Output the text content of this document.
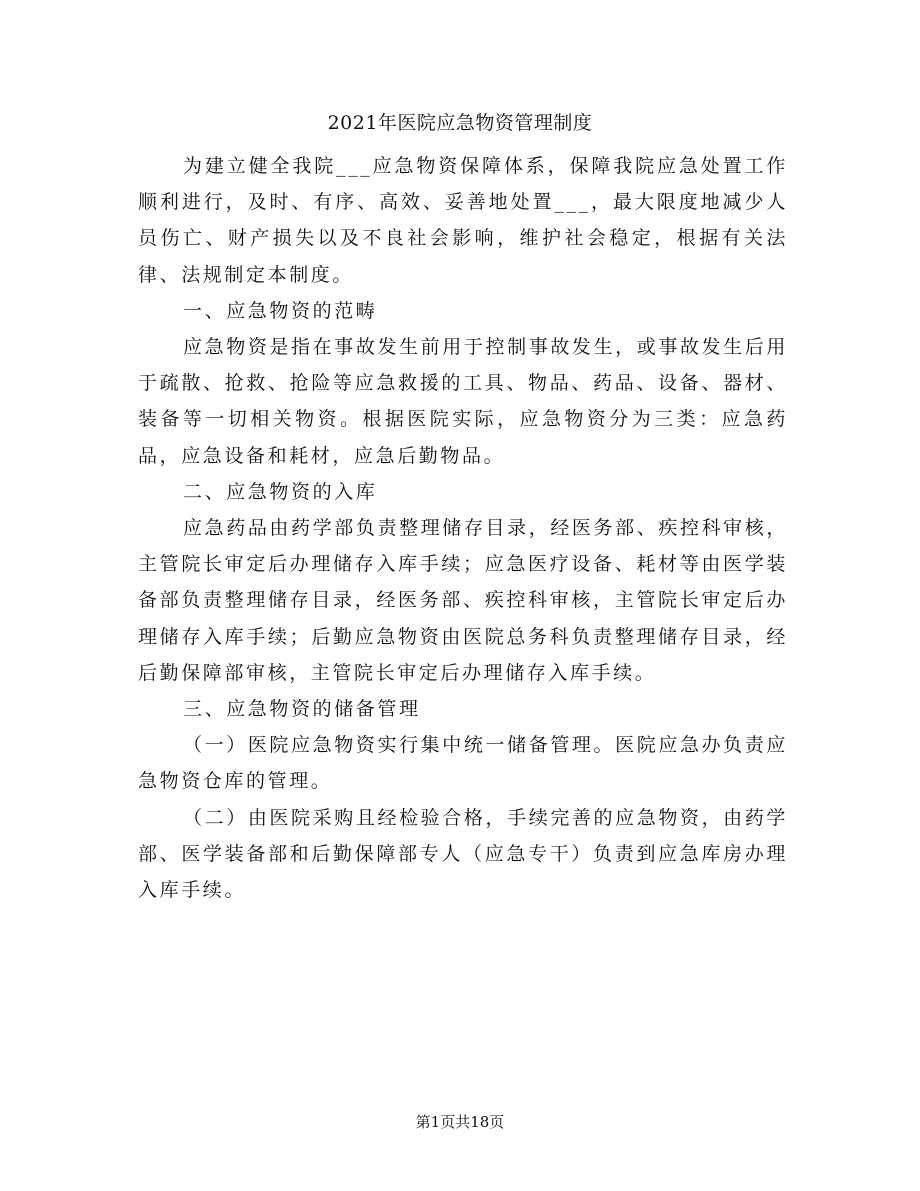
2021年医院应急物资管理制度

为建立健全我院___应急物资保障体系，保障我院应急处置工作顺利进行，及时、有序、高效、妥善地处置___，最大限度地减少人员伤亡、财产损失以及不良社会影响，维护社会稳定，根据有关法律、法规制定本制度。

一、应急物资的范畴

应急物资是指在事故发生前用于控制事故发生，或事故发生后用于疏散、抢救、抢险等应急救援的工具、物品、药品、设备、器材、装备等一切相关物资。根据医院实际，应急物资分为三类：应急药品，应急设备和耗材，应急后勤物品。

二、应急物资的入库

应急药品由药学部负责整理储存目录，经医务部、疾控科审核，主管院长审定后办理储存入库手续；应急医疗设备、耗材等由医学装备部负责整理储存目录，经医务部、疾控科审核，主管院长审定后办理储存入库手续；后勤应急物资由医院总务科负责整理储存目录，经后勤保障部审核，主管院长审定后办理储存入库手续。

三、应急物资的储备管理

（一）医院应急物资实行集中统一储备管理。医院应急办负责应急物资仓库的管理。

（二）由医院采购且经检验合格，手续完善的应急物资，由药学部、医学装备部和后勤保障部专人（应急专干）负责到应急库房办理入库手续。

第1页共18页
